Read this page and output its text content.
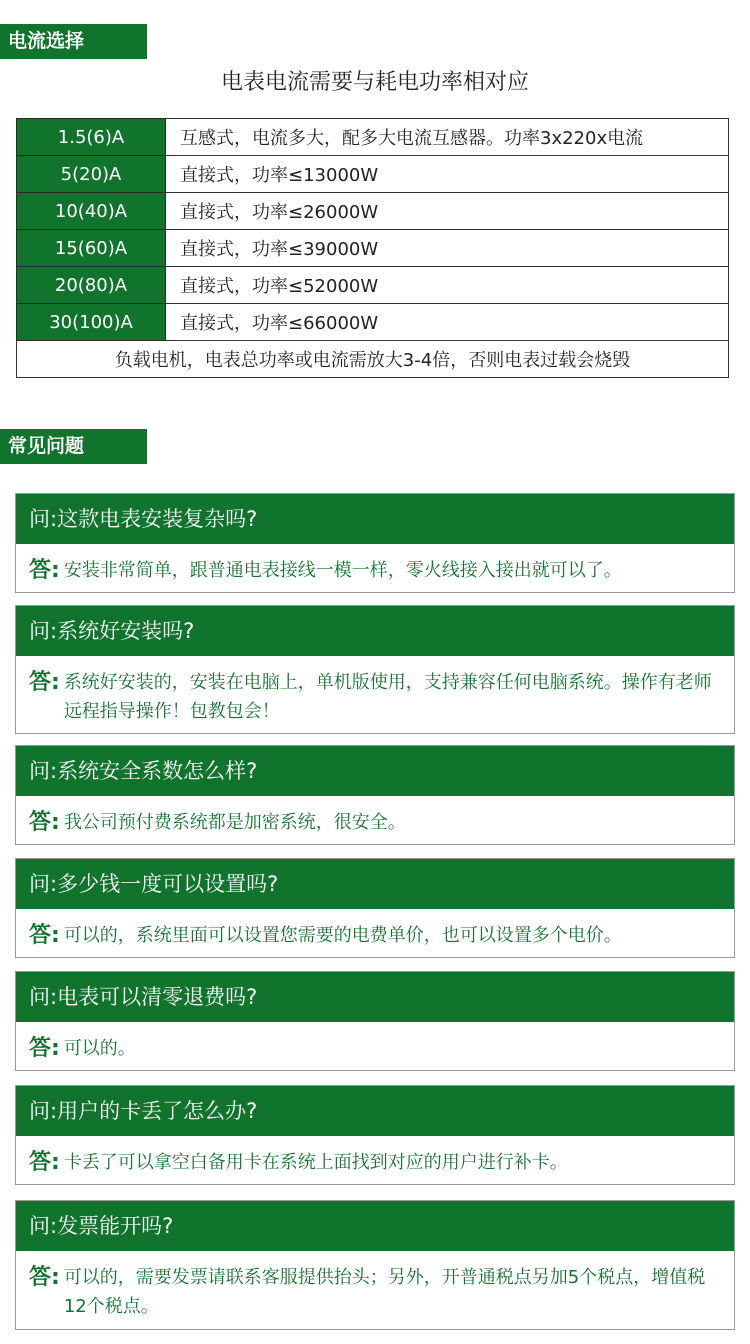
电流选择
电表电流需要与耗电功率相对应
1.5(6)A	互感式，电流多大，配多大电流互感器。功率3x220x电流
5(20)A	直接式，功率≤13000W
10(40)A	直接式，功率≤26000W
15(60)A	直接式，功率≤39000W
20(80)A	直接式，功率≤52000W
30(100)A	直接式，功率≤66000W
负载电机，电表总功率或电流需放大3-4倍，否则电表过载会烧毁	
常见问题
问:这款电表安装复杂吗?
答: 安装非常简单，跟普通电表接线一模一样，零火线接入接出就可以了。
问:系统好安装吗?
答: 系统好安装的，安装在电脑上，单机版使用，支持兼容任何电脑系统。操作有老师远程指导操作！包教包会！
问:系统安全系数怎么样?
答: 我公司预付费系统都是加密系统，很安全。
问:多少钱一度可以设置吗?
答: 可以的，系统里面可以设置您需要的电费单价，也可以设置多个电价。
问:电表可以清零退费吗?
答: 可以的。
问:用户的卡丢了怎么办?
答: 卡丢了可以拿空白备用卡在系统上面找到对应的用户进行补卡。
问:发票能开吗?
答: 可以的，需要发票请联系客服提供抬头；另外，开普通税点另加5个税点，增值税12个税点。
